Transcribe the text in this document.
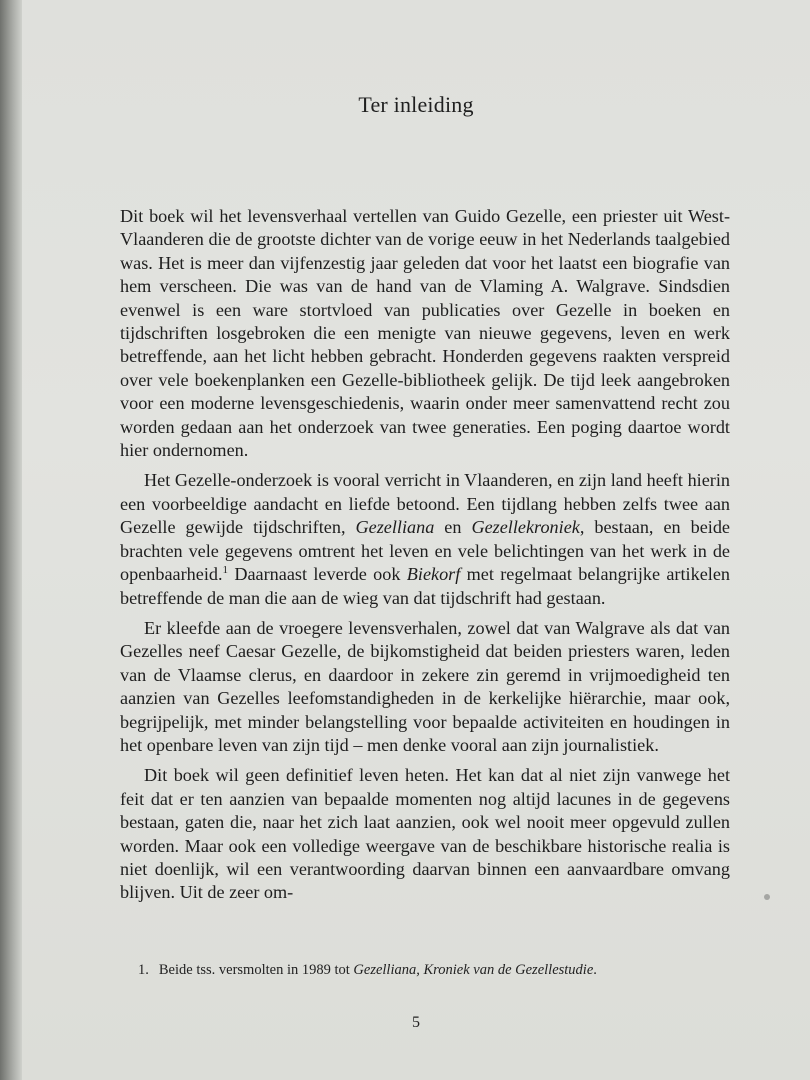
Ter inleiding

Dit boek wil het levensverhaal vertellen van Guido Gezelle, een priester uit West-Vlaanderen die de grootste dichter van de vorige eeuw in het Nederlands taalgebied was. Het is meer dan vijfenzestig jaar geleden dat voor het laatst een biografie van hem verscheen. Die was van de hand van de Vlaming A. Walgrave. Sindsdien evenwel is een ware stortvloed van publicaties over Gezelle in boeken en tijdschriften losgebroken die een menigte van nieuwe gegevens, leven en werk betreffende, aan het licht hebben gebracht. Honderden gegevens raakten verspreid over vele boekenplanken een Gezelle-bibliotheek gelijk. De tijd leek aangebroken voor een moderne levensgeschiedenis, waarin onder meer samenvattend recht zou worden gedaan aan het onderzoek van twee generaties. Een poging daartoe wordt hier ondernomen.

Het Gezelle-onderzoek is vooral verricht in Vlaanderen, en zijn land heeft hierin een voorbeeldige aandacht en liefde betoond. Een tijdlang hebben zelfs twee aan Gezelle gewijde tijdschriften, Gezelliana en Gezellekroniek, bestaan, en beide brachten vele gegevens omtrent het leven en vele belichtingen van het werk in de openbaarheid.$^1$ Daarnaast leverde ook Biekorf met regelmaat belangrijke artikelen betreffende de man die aan de wieg van dat tijdschrift had gestaan.

Er kleefde aan de vroegere levensverhalen, zowel dat van Walgrave als dat van Gezelles neef Caesar Gezelle, de bijkomstigheid dat beiden priesters waren, leden van de Vlaamse clerus, en daardoor in zekere zin geremd in vrijmoedigheid ten aanzien van Gezelles leefomstandigheden in de kerkelijke hiërarchie, maar ook, begrijpelijk, met minder belangstelling voor bepaalde activiteiten en houdingen in het openbare leven van zijn tijd – men denke vooral aan zijn journalistiek.

Dit boek wil geen definitief leven heten. Het kan dat al niet zijn vanwege het feit dat er ten aanzien van bepaalde momenten nog altijd lacunes in de gegevens bestaan, gaten die, naar het zich laat aanzien, ook wel nooit meer opgevuld zullen worden. Maar ook een volledige weergave van de beschikbare historische realia is niet doenlijk, wil een verantwoording daarvan binnen een aanvaardbare omvang blijven. Uit de zeer om-

1. Beide tss. versmolten in 1989 tot Gezelliana, Kroniek van de Gezellestudie.
5
